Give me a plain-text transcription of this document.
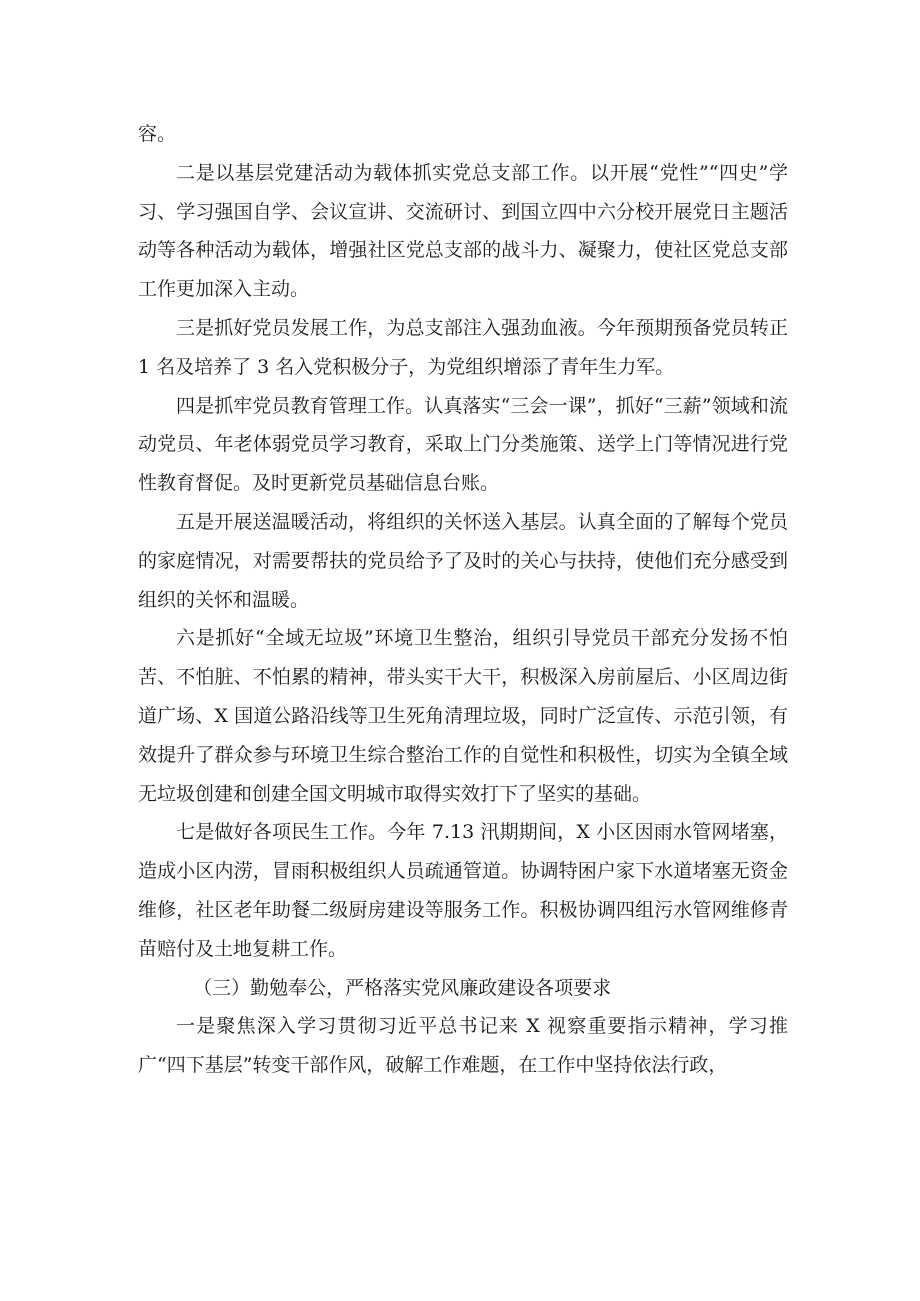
容。

二是以基层党建活动为载体抓实党总支部工作。以开展“党性”“四史”学习、学习强国自学、会议宣讲、交流研讨、到国立四中六分校开展党日主题活动等各种活动为载体，增强社区党总支部的战斗力、凝聚力，使社区党总支部工作更加深入主动。

三是抓好党员发展工作，为总支部注入强劲血液。今年预期预备党员转正 1 名及培养了 3 名入党积极分子，为党组织增添了青年生力军。

四是抓牢党员教育管理工作。认真落实“三会一课”，抓好“三薪”领域和流动党员、年老体弱党员学习教育，采取上门分类施策、送学上门等情况进行党性教育督促。及时更新党员基础信息台账。

五是开展送温暖活动，将组织的关怀送入基层。认真全面的了解每个党员的家庭情况，对需要帮扶的党员给予了及时的关心与扶持，使他们充分感受到组织的关怀和温暖。

六是抓好“全域无垃圾”环境卫生整治，组织引导党员干部充分发扬不怕苦、不怕脏、不怕累的精神，带头实干大干，积极深入房前屋后、小区周边街道广场、X 国道公路沿线等卫生死角清理垃圾，同时广泛宣传、示范引领，有效提升了群众参与环境卫生综合整治工作的自觉性和积极性，切实为全镇全域无垃圾创建和创建全国文明城市取得实效打下了坚实的基础。

七是做好各项民生工作。今年 7.13 汛期期间，X 小区因雨水管网堵塞，造成小区内涝，冒雨积极组织人员疏通管道。协调特困户家下水道堵塞无资金维修，社区老年助餐二级厨房建设等服务工作。积极协调四组污水管网维修青苗赔付及土地复耕工作。

（三）勤勉奉公，严格落实党风廉政建设各项要求

一是聚焦深入学习贯彻习近平总书记来 X 视察重要指示精神，学习推广“四下基层”转变干部作风，破解工作难题，在工作中坚持依法行政，
